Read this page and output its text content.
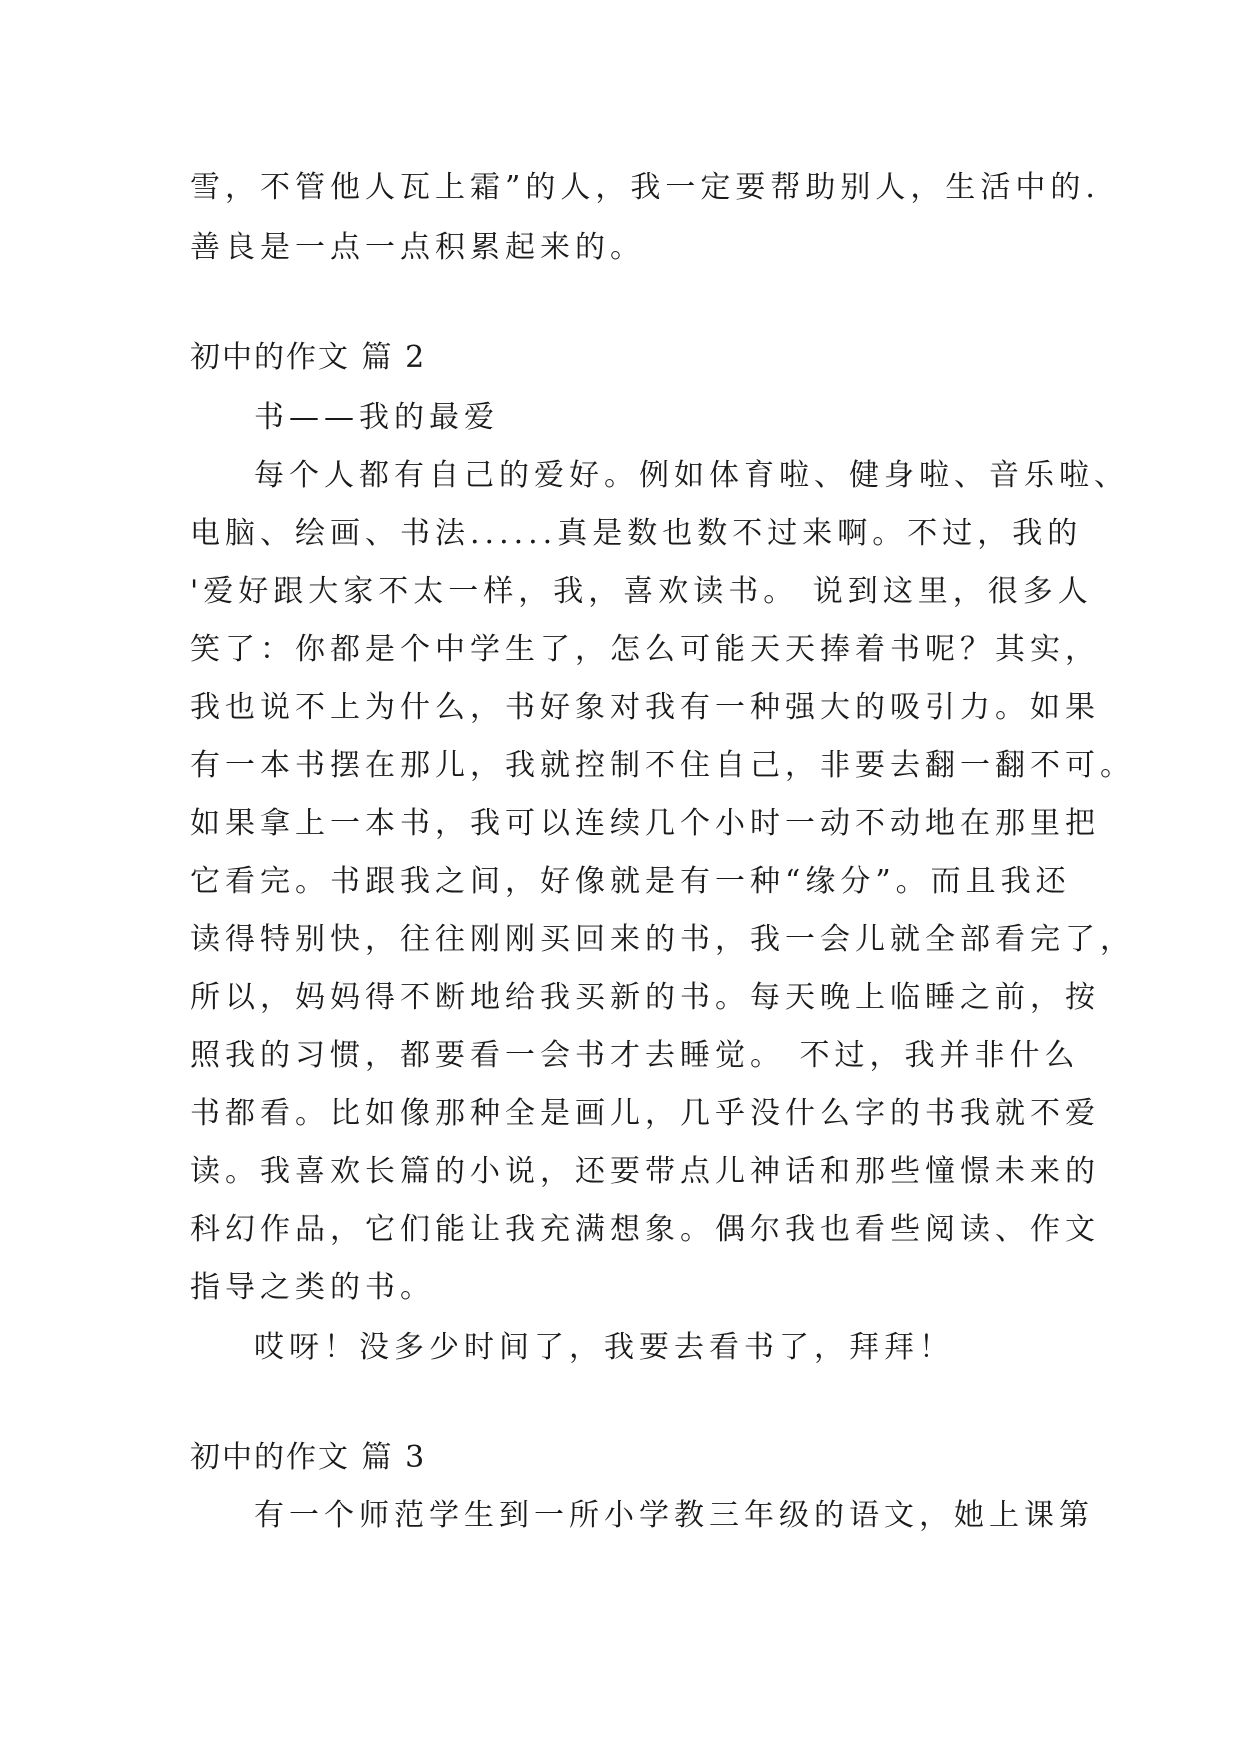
雪，不管他人瓦上霜”的人，我一定要帮助别人，生活中的.
善良是一点一点积累起来的。
初中的作文 篇 2
书——我的最爱
每个人都有自己的爱好。例如体育啦、健身啦、音乐啦、
电脑、绘画、书法......真是数也数不过来啊。不过，我的
'爱好跟大家不太一样，我，喜欢读书。 说到这里，很多人
笑了：你都是个中学生了，怎么可能天天捧着书呢？其实，
我也说不上为什么，书好象对我有一种强大的吸引力。如果
有一本书摆在那儿，我就控制不住自己，非要去翻一翻不可。
如果拿上一本书，我可以连续几个小时一动不动地在那里把
它看完。书跟我之间，好像就是有一种“缘分”。而且我还
读得特别快，往往刚刚买回来的书，我一会儿就全部看完了，
所以，妈妈得不断地给我买新的书。每天晚上临睡之前，按
照我的习惯，都要看一会书才去睡觉。 不过，我并非什么
书都看。比如像那种全是画儿，几乎没什么字的书我就不爱
读。我喜欢长篇的小说，还要带点儿神话和那些憧憬未来的
科幻作品，它们能让我充满想象。偶尔我也看些阅读、作文
指导之类的书。
哎呀！没多少时间了，我要去看书了，拜拜！
初中的作文 篇 3
有一个师范学生到一所小学教三年级的语文，她上课第
